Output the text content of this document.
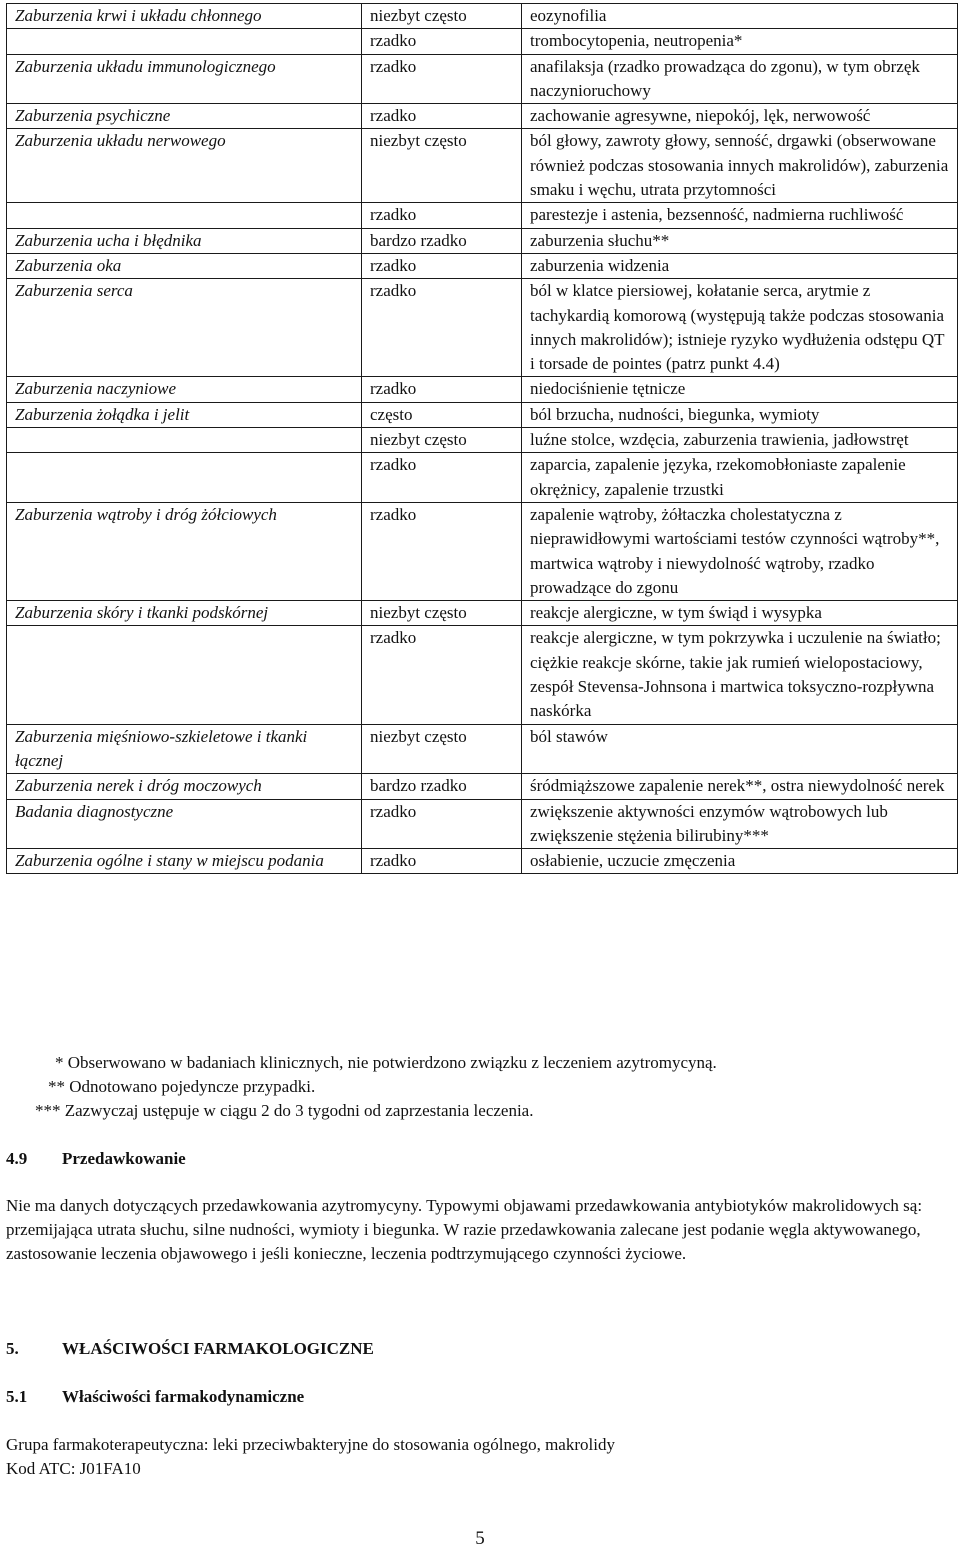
Zaburzenia krwi i układu chłonnego	niezbyt często	eozynofilia
	rzadko	trombocytopenia, neutropenia*
Zaburzenia układu immunologicznego	rzadko	anafilaksja (rzadko prowadząca do zgonu), w tym obrzęk naczynioruchowy
Zaburzenia psychiczne	rzadko	zachowanie agresywne, niepokój, lęk, nerwowość
Zaburzenia układu nerwowego	niezbyt często	ból głowy, zawroty głowy, senność, drgawki (obserwowane również podczas stosowania innych makrolidów), zaburzenia smaku i węchu, utrata przytomności
	rzadko	parestezje i astenia, bezsenność, nadmierna ruchliwość
Zaburzenia ucha i błędnika	bardzo rzadko	zaburzenia słuchu**
Zaburzenia oka	rzadko	zaburzenia widzenia
Zaburzenia serca	rzadko	ból w klatce piersiowej, kołatanie serca, arytmie z tachykardią komorową (występują także podczas stosowania innych makrolidów); istnieje ryzyko wydłużenia odstępu QT i torsade de pointes (patrz punkt 4.4)
Zaburzenia naczyniowe	rzadko	niedociśnienie tętnicze
Zaburzenia żołądka i jelit	często	ból brzucha, nudności, biegunka, wymioty
	niezbyt często	luźne stolce, wzdęcia, zaburzenia trawienia, jadłowstręt
	rzadko	zaparcia, zapalenie języka, rzekomobłoniaste zapalenie okrężnicy, zapalenie trzustki
Zaburzenia wątroby i dróg żółciowych	rzadko	zapalenie wątroby, żółtaczka cholestatyczna z nieprawidłowymi wartościami testów czynności wątroby**, martwica wątroby i niewydolność wątroby, rzadko prowadzące do zgonu
Zaburzenia skóry i tkanki podskórnej	niezbyt często	reakcje alergiczne, w tym świąd i wysypka
	rzadko	reakcje alergiczne, w tym pokrzywka i uczulenie na światło; ciężkie reakcje skórne, takie jak rumień wielopostaciowy, zespół Stevensa-Johnsona i martwica toksyczno-rozpływna naskórka
Zaburzenia mięśniowo-szkieletowe i tkanki łącznej	niezbyt często	ból stawów
Zaburzenia nerek i dróg moczowych	bardzo rzadko	śródmiąższowe zapalenie nerek**, ostra niewydolność nerek
Badania diagnostyczne	rzadko	zwiększenie aktywności enzymów wątrobowych lub zwiększenie stężenia bilirubiny***
Zaburzenia ogólne i stany w miejscu podania	rzadko	osłabienie, uczucie zmęczenia
* Obserwowano w badaniach klinicznych, nie potwierdzono związku z leczeniem azytromycyną.
** Odnotowano pojedyncze przypadki.
*** Zazwyczaj ustępuje w ciągu 2 do 3 tygodni od zaprzestania leczenia.
4.9 Przedawkowanie
Nie ma danych dotyczących przedawkowania azytromycyny. Typowymi objawami przedawkowania antybiotyków makrolidowych są: przemijająca utrata słuchu, silne nudności, wymioty i biegunka. W razie przedawkowania zalecane jest podanie węgla aktywowanego, zastosowanie leczenia objawowego i jeśli konieczne, leczenia podtrzymującego czynności życiowe.
5.	WŁAŚCIWOŚCI FARMAKOLOGICZNE
5.1 Właściwości farmakodynamiczne
Grupa farmakoterapeutyczna: leki przeciwbakteryjne do stosowania ogólnego, makrolidy
Kod ATC: J01FA10
5
